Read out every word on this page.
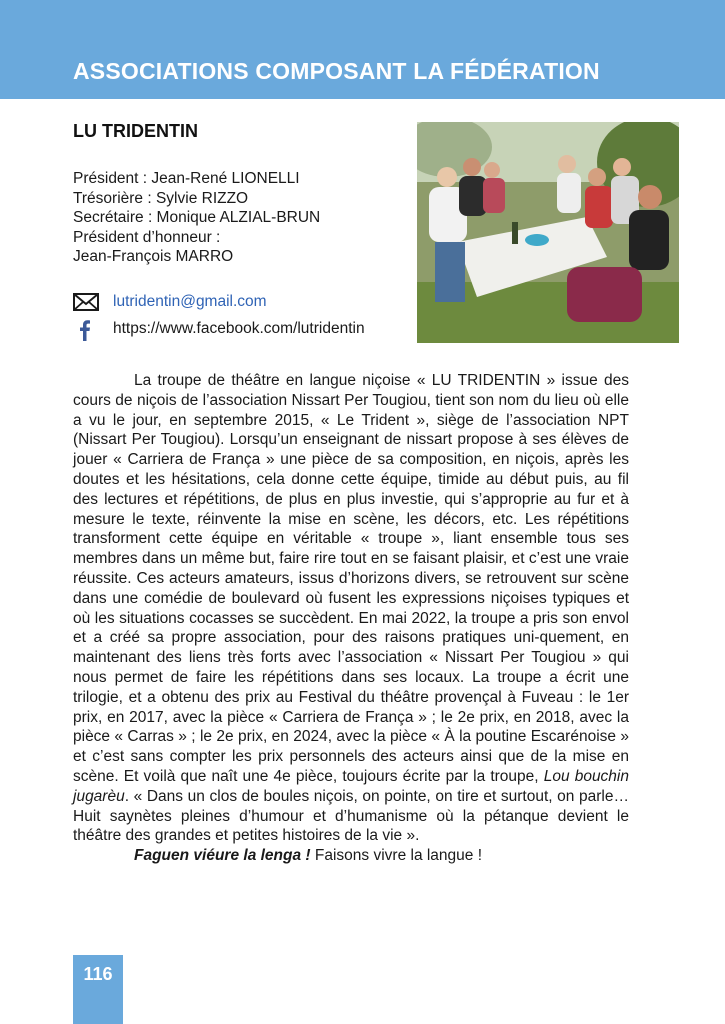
ASSOCIATIONS COMPOSANT LA FÉDÉRATION
LU TRIDENTIN
Président : Jean-René LIONELLI
Trésorière : Sylvie RIZZO
Secrétaire : Monique ALZIAL-BRUN
Président d’honneur :
Jean-François MARRO
lutridentin@gmail.com
https://www.facebook.com/lutridentin

La troupe de théâtre en langue niçoise « LU TRIDENTIN » issue des cours de niçois de l’association Nissart Per Tougiou, tient son nom du lieu où elle a vu le jour, en septembre 2015, « Le Trident », siège de l’association NPT (Nissart Per Tougiou). Lorsqu’un enseignant de nissart propose à ses élèves de jouer « Carriera de França » une pièce de sa composition, en niçois, après les doutes et les hésitations, cela donne cette équipe, timide au début puis, au fil des lectures et répétitions, de plus en plus investie, qui s’approprie au fur et à mesure le texte, réinvente la mise en scène, les décors, etc. Les répétitions transforment cette équipe en véritable « troupe », liant ensemble tous ses membres dans un même but, faire rire tout en se faisant plaisir, et c’est une vraie réussite. Ces acteurs amateurs, issus d’horizons divers, se retrouvent sur scène dans une comédie de boulevard où fusent les expressions niçoises typiques et où les situations cocasses se succèdent. En mai 2022, la troupe a pris son envol et a créé sa propre association, pour des raisons pratiques uni-quement, en maintenant des liens très forts avec l’association « Nissart Per Tougiou » qui nous permet de faire les répétitions dans ses locaux. La troupe a écrit une trilogie, et a obtenu des prix au Festival du théâtre provençal à Fuveau : le 1er prix, en 2017, avec la pièce « Carriera de França » ; le 2e prix, en 2018, avec la pièce « Carras » ; le 2e prix, en 2024, avec la pièce « À la poutine Escarénoise » et c’est sans compter les prix personnels des acteurs ainsi que de la mise en scène. Et voilà que naît une 4e pièce, toujours écrite par la troupe, Lou bouchin jugarèu. « Dans un clos de boules niçois, on pointe, on tire et surtout, on parle… Huit saynètes pleines d’humour et d’humanisme où la pétanque devient le théâtre des grandes et petites histoires de la vie ».

Faguen viéure la lenga ! Faisons vivre la langue !

116
